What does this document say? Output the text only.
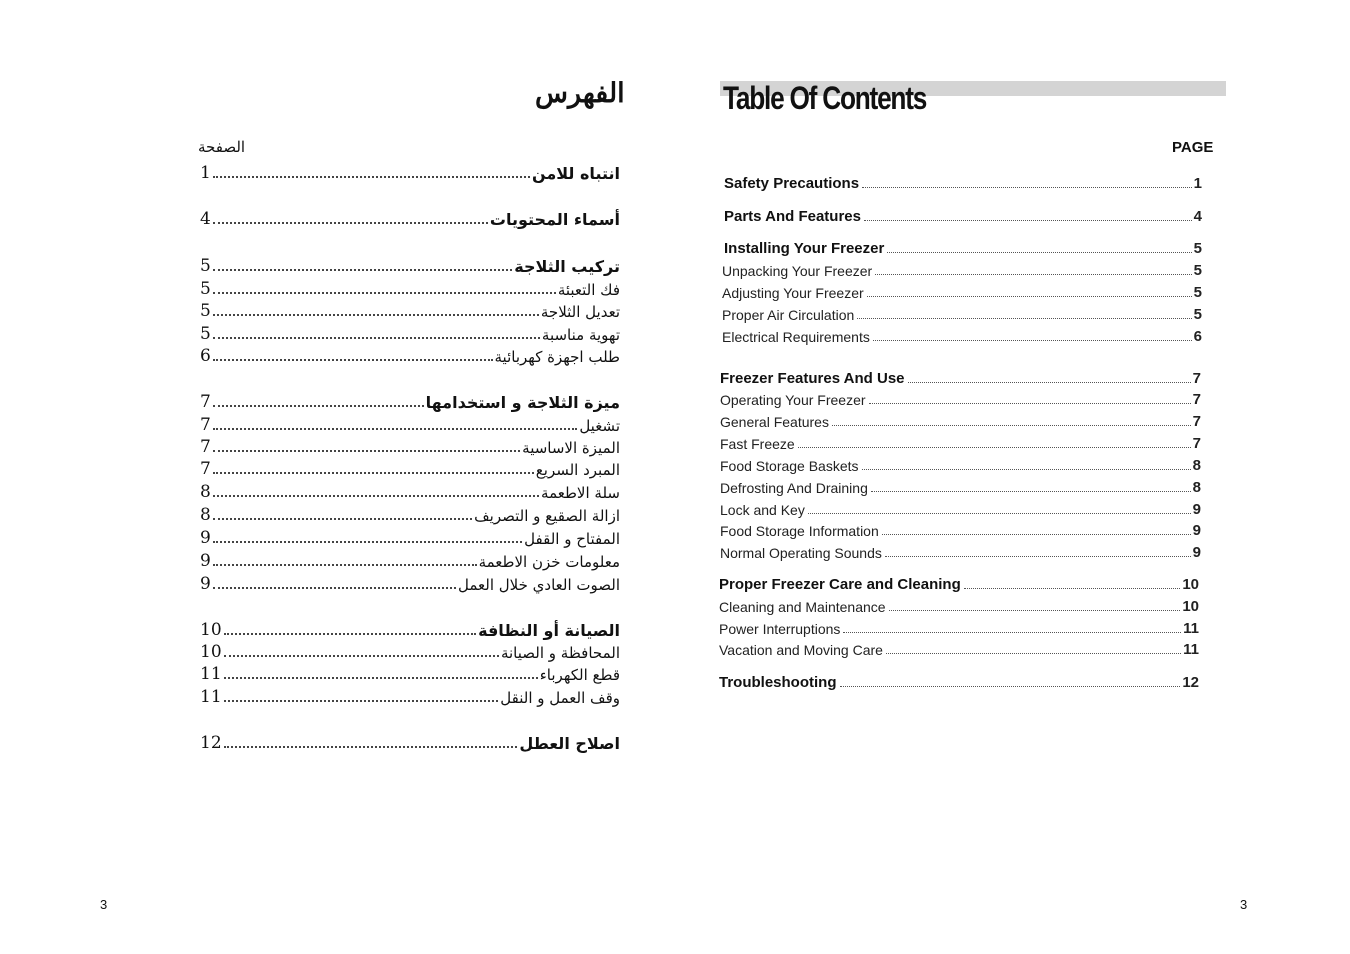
الفهرس
الصفحة
1	انتباه للامن
4	أسماء المحتويات
5	تركيب الثلاجة
5	فك التعبئة
5	تعديل الثلاجة
5	تهوية مناسبة
6	طلب اجهزة كهربائية
7	ميزة الثلاجة و استخدامها
7	تشغيل
7	الميزة الاساسية
7	المبرد السريع
8	سلة الاطعمة
8	ازالة الصقيع و التصريف
9	المفتاح و القفل
9	معلومات خزن الاطعمة
9	الصوت العادي خلال العمل
10	الصيانة أو النظافة
10	المحافظة و الصيانة
11	قطع الكهرباء
11	وقف العمل و النقل
12	اصلاح العطل
3
Table Of Contents
PAGE
Safety Precautions	1
Parts And Features	4
Installing Your Freezer	5
Unpacking Your Freezer	5
Adjusting Your Freezer	5
Proper Air Circulation	5
Electrical Requirements	6
Freezer Features And Use	7
Operating Your Freezer	7
General Features	7
Fast Freeze	7
Food Storage Baskets	8
Defrosting And Draining	8
Lock and Key	9
Food Storage Information	9
Normal Operating Sounds	9
Proper Freezer Care and Cleaning	10
Cleaning and Maintenance	10
Power Interruptions	11
Vacation and Moving Care	11
Troubleshooting	12
3
